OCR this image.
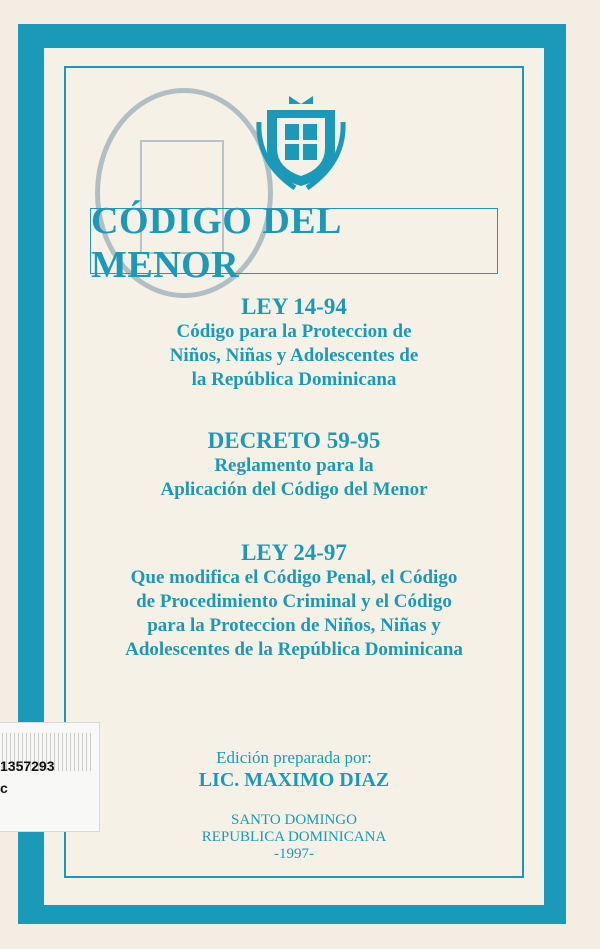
CÓDIGO DEL MENOR
LEY 14-94
Código para la Proteccion de
Niños, Niñas y Adolescentes de
la República Dominicana
DECRETO 59-95
Reglamento para la
Aplicación del Código del Menor
LEY 24-97
Que modifica el Código Penal, el Código
de Procedimiento Criminal y el Código
para la Proteccion de Niños, Niñas y
Adolescentes de la República Dominicana
Edición preparada por:
LIC. MAXIMO DIAZ
SANTO DOMINGO
REPUBLICA DOMINICANA
-1997-
1357293
c
